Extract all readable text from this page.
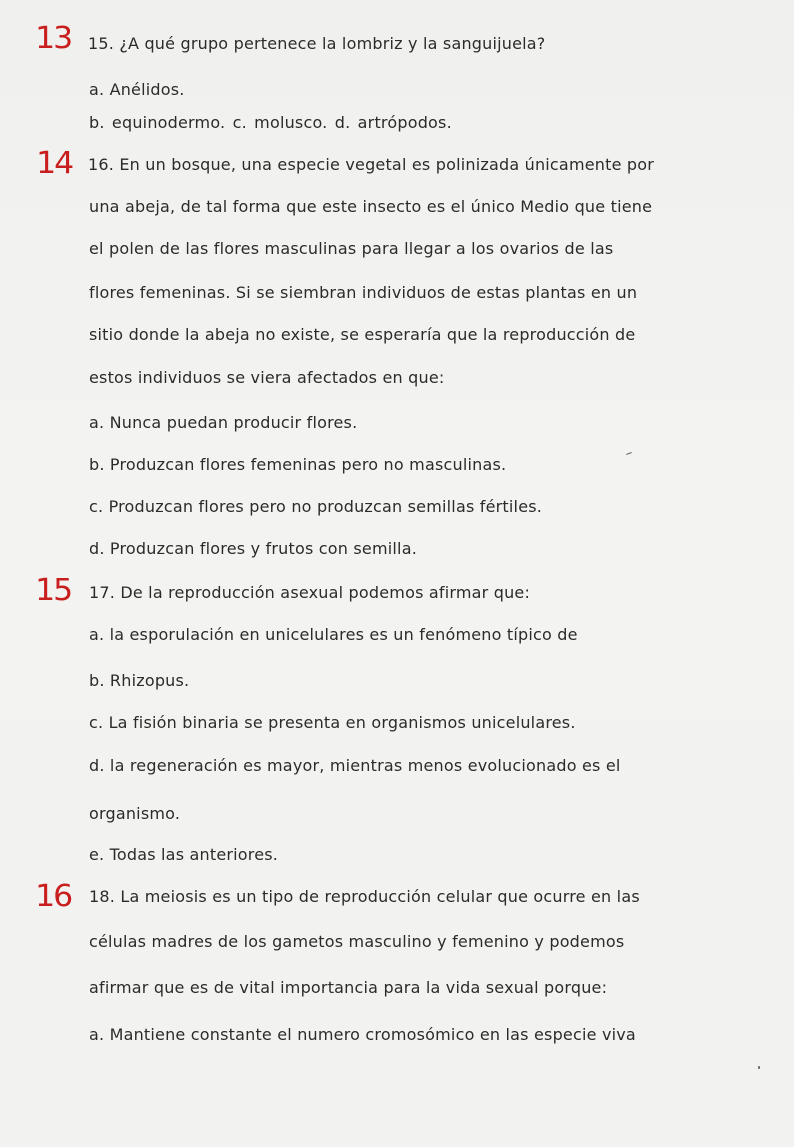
13
14
15
16
15. ¿A qué grupo pertenece la lombriz y la sanguijuela?
a. Anélidos.
b. equinodermo. c. molusco. d. artrópodos.
16. En un bosque, una especie vegetal es polinizada únicamente por
una abeja, de tal forma que este insecto es el único Medio que tiene
el polen de las flores masculinas para llegar a los ovarios de las
flores femeninas. Si se siembran individuos de estas plantas en un
sitio donde la abeja no existe, se esperaría que la reproducción de
estos individuos se viera afectados en que:
a. Nunca puedan producir flores.
b. Produzcan flores femeninas pero no masculinas.
c. Produzcan flores pero no produzcan semillas fértiles.
d. Produzcan flores y frutos con semilla.
17. De la reproducción asexual podemos afirmar que:
a. la esporulación en unicelulares es un fenómeno típico de
b. Rhizopus.
c. La fisión binaria se presenta en organismos unicelulares.
d. la regeneración es mayor, mientras menos evolucionado es el
organismo.
e. Todas las anteriores.
18. La meiosis es un tipo de reproducción celular que ocurre en las
células madres de los gametos masculino y femenino y podemos
afirmar que es de vital importancia para la vida sexual porque:
a. Mantiene constante el numero cromosómico en las especie viva
